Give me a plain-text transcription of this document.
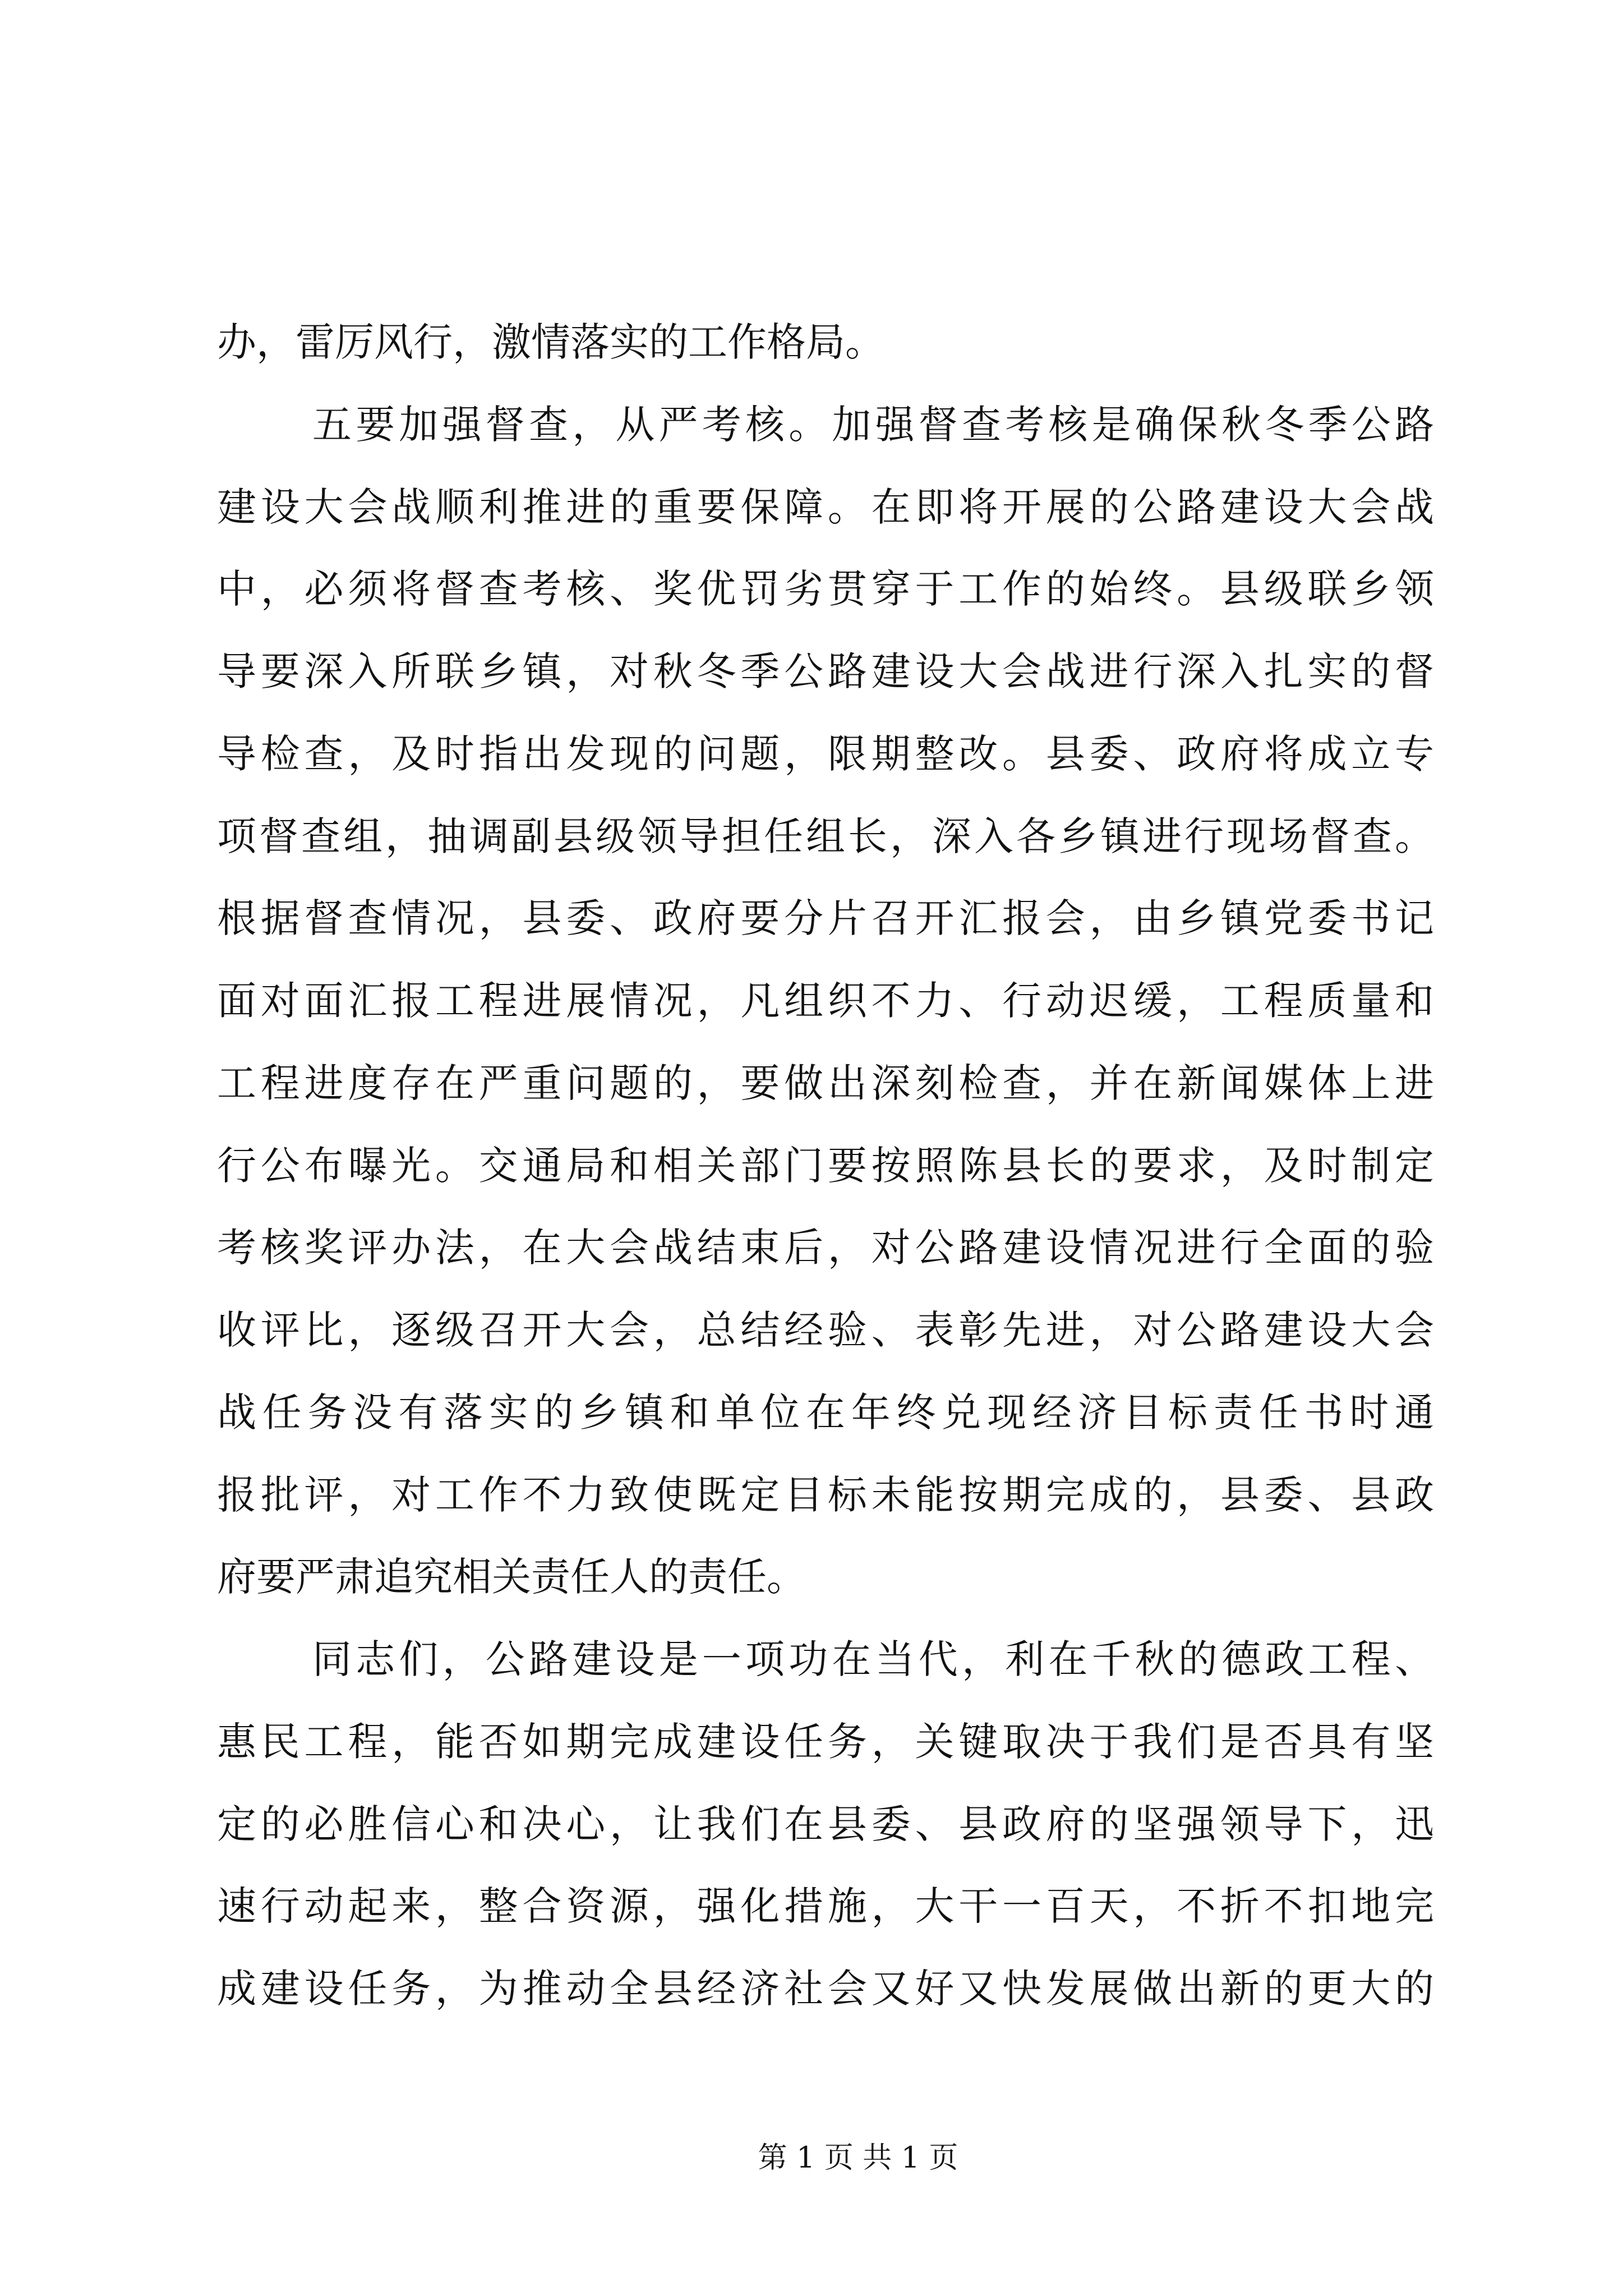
办，雷厉风行，激情落实的工作格局。
五要加强督查，从严考核。加强督查考核是确保秋冬季公路
建设大会战顺利推进的重要保障。在即将开展的公路建设大会战
中，必须将督查考核、奖优罚劣贯穿于工作的始终。县级联乡领
导要深入所联乡镇，对秋冬季公路建设大会战进行深入扎实的督
导检查，及时指出发现的问题，限期整改。县委、政府将成立专
项督查组，抽调副县级领导担任组长，深入各乡镇进行现场督查。
根据督查情况，县委、政府要分片召开汇报会，由乡镇党委书记
面对面汇报工程进展情况，凡组织不力、行动迟缓，工程质量和
工程进度存在严重问题的，要做出深刻检查，并在新闻媒体上进
行公布曝光。交通局和相关部门要按照陈县长的要求，及时制定
考核奖评办法，在大会战结束后，对公路建设情况进行全面的验
收评比，逐级召开大会，总结经验、表彰先进，对公路建设大会
战任务没有落实的乡镇和单位在年终兑现经济目标责任书时通
报批评，对工作不力致使既定目标未能按期完成的，县委、县政
府要严肃追究相关责任人的责任。
同志们，公路建设是一项功在当代，利在千秋的德政工程、
惠民工程，能否如期完成建设任务，关键取决于我们是否具有坚
定的必胜信心和决心，让我们在县委、县政府的坚强领导下，迅
速行动起来，整合资源，强化措施，大干一百天，不折不扣地完
成建设任务，为推动全县经济社会又好又快发展做出新的更大的
第 1 页 共 1 页
